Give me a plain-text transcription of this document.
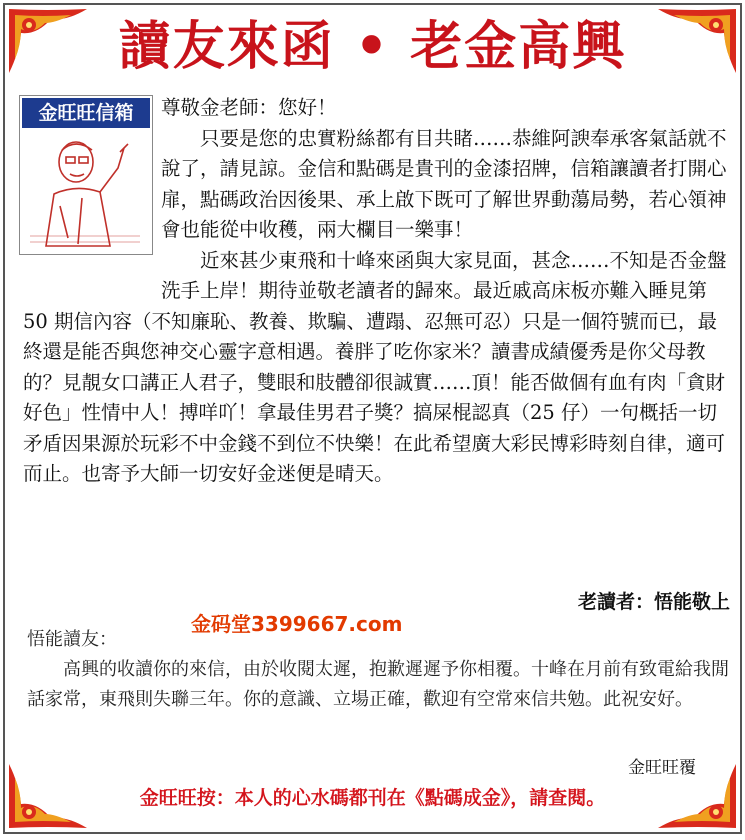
讀友來函 • 老金高興
金旺旺信箱	尊敬金老師：您好！

只要是您的忠實粉絲都有目共睹……恭維阿諛奉承客氣話就不說了，請見諒。金信和點碼是貴刊的金漆招牌，信箱讓讀者打開心扉，點碼政治因後果、承上啟下既可了解世界動蕩局勢，若心領神會也能從中收穫，兩大欄目一樂事！

近來甚少東飛和十峰來函與大家見面，甚念……不知是否金盤洗手上岸！期待並敬老讀者的歸來。最近戚高床板亦難入睡見第 50 期信內容（不知廉恥、教養、欺騙、遭蹋、忍無可忍）只是一個符號而已，最終還是能否與您神交心靈字意相遇。養胖了吃你家米？讀書成績優秀是你父母教的？見靚女口講正人君子，雙眼和肢體卻很誠實……頂！能否做個有血有肉「貪財好色」性情中人！搏咩吖！拿最佳男君子獎？搞屎棍認真（25 仔）一句概括一切矛盾因果源於玩彩不中金錢不到位不快樂！在此希望廣大彩民博彩時刻自律，適可而止。也寄予大師一切安好金迷便是晴天。

老讀者：悟能敬上
金码堂3399667.com

悟能讀友：

高興的收讀你的來信，由於收閱太遲，抱歉遲遲予你相覆。十峰在月前有致電給我閒話家常，東飛則失聯三年。你的意識、立場正確，歡迎有空常來信共勉。此祝安好。

金旺旺覆
金旺旺按：本人的心水碼都刊在《點碼成金》，請查閱。
